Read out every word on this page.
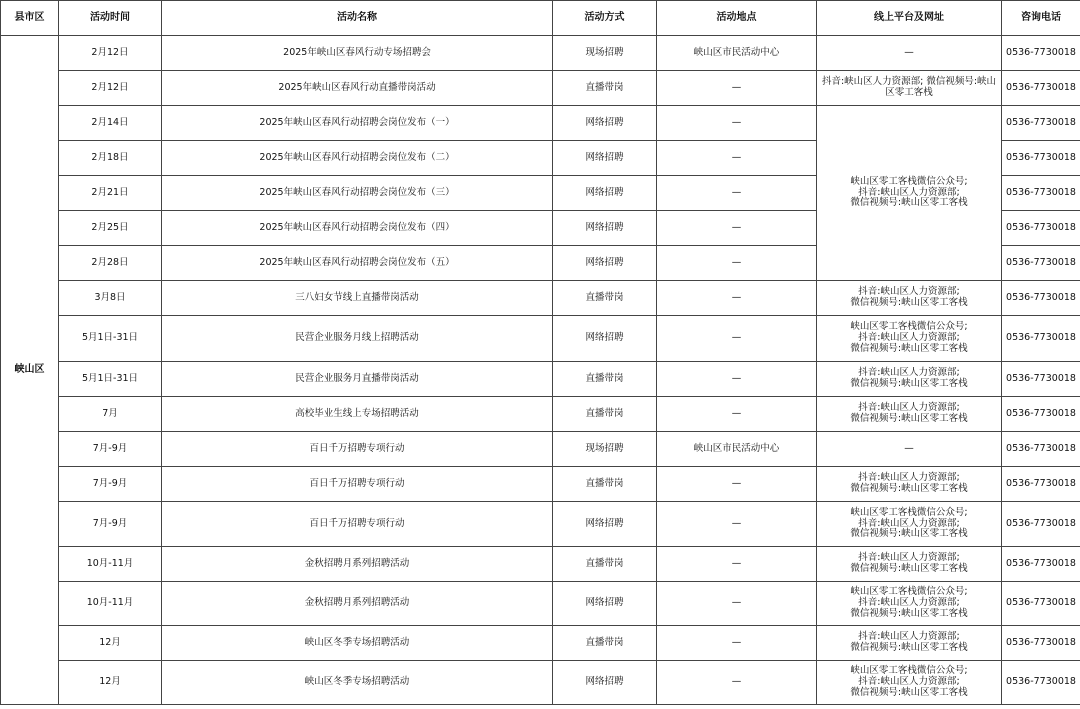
县市区	活动时间	活动名称	活动方式	活动地点	线上平台及网址	咨询电话
峡山区	2月12日	2025年峡山区春风行动专场招聘会	现场招聘	峡山区市民活动中心	—	0536-7730018
	2月12日	2025年峡山区春风行动直播带岗活动	直播带岗	—	抖音:峡山区人力资源部; 微信视频号:峡山区零工客栈	0536-7730018
	2月14日	2025年峡山区春风行动招聘会岗位发布（一）	网络招聘	—	峡山区零工客栈微信公众号;
抖音:峡山区人力资源部;
微信视频号:峡山区零工客栈	0536-7730018
	2月18日	2025年峡山区春风行动招聘会岗位发布（二）	网络招聘	—		0536-7730018
	2月21日	2025年峡山区春风行动招聘会岗位发布（三）	网络招聘	—		0536-7730018
	2月25日	2025年峡山区春风行动招聘会岗位发布（四）	网络招聘	—		0536-7730018
	2月28日	2025年峡山区春风行动招聘会岗位发布（五）	网络招聘	—		0536-7730018
	3月8日	三八妇女节线上直播带岗活动	直播带岗	—	抖音:峡山区人力资源部;
微信视频号:峡山区零工客栈	0536-7730018
	5月1日-31日	民营企业服务月线上招聘活动	网络招聘	—	峡山区零工客栈微信公众号;
抖音:峡山区人力资源部;
微信视频号:峡山区零工客栈	0536-7730018
	5月1日-31日	民营企业服务月直播带岗活动	直播带岗	—	抖音:峡山区人力资源部;
微信视频号:峡山区零工客栈	0536-7730018
	7月	高校毕业生线上专场招聘活动	直播带岗	—	抖音:峡山区人力资源部;
微信视频号:峡山区零工客栈	0536-7730018
	7月-9月	百日千万招聘专项行动	现场招聘	峡山区市民活动中心	—	0536-7730018
	7月-9月	百日千万招聘专项行动	直播带岗	—	抖音:峡山区人力资源部;
微信视频号:峡山区零工客栈	0536-7730018
	7月-9月	百日千万招聘专项行动	网络招聘	—	峡山区零工客栈微信公众号;
抖音:峡山区人力资源部;
微信视频号:峡山区零工客栈	0536-7730018
	10月-11月	金秋招聘月系列招聘活动	直播带岗	—	抖音:峡山区人力资源部;
微信视频号:峡山区零工客栈	0536-7730018
	10月-11月	金秋招聘月系列招聘活动	网络招聘	—	峡山区零工客栈微信公众号;
抖音:峡山区人力资源部;
微信视频号:峡山区零工客栈	0536-7730018
	12月	峡山区冬季专场招聘活动	直播带岗	—	抖音:峡山区人力资源部;
微信视频号:峡山区零工客栈	0536-7730018
	12月	峡山区冬季专场招聘活动	网络招聘	—	峡山区零工客栈微信公众号;
抖音:峡山区人力资源部;
微信视频号:峡山区零工客栈	0536-7730018
